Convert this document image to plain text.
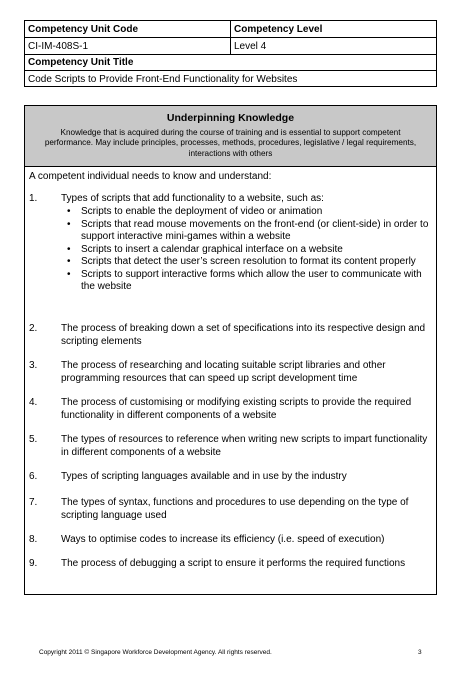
Competency Unit Code	Competency Level
CI-IM-408S-1	Level 4
Competency Unit Title
Code Scripts to Provide Front-End Functionality for Websites
Underpinning Knowledge
Knowledge that is acquired during the course of training and is essential to support competent performance. May include principles, processes, methods, procedures, legislative / legal requirements, interactions with others
A competent individual needs to know and understand:
1.	Types of scripts that add functionality to a website, such as:
• Scripts to enable the deployment of video or animation
• Scripts that read mouse movements on the front-end (or client-side) in order to support interactive mini-games within a website
• Scripts to insert a calendar graphical interface on a website
• Scripts that detect the user’s screen resolution to format its content properly
• Scripts to support interactive forms which allow the user to communicate with the website
2.	The process of breaking down a set of specifications into its respective design and scripting elements
3.	The process of researching and locating suitable script libraries and other programming resources that can speed up script development time
4.	The process of customising or modifying existing scripts to provide the required functionality in different components of a website
5.	The types of resources to reference when writing new scripts to impart functionality in different components of a website
6.	Types of scripting languages available and in use by the industry
7.	The types of syntax, functions and procedures to use depending on the type of scripting language used
8.	Ways to optimise codes to increase its efficiency (i.e. speed of execution)
9.	The process of debugging a script to ensure it performs the required functions
Copyright 2011 © Singapore Workforce Development Agency. All rights reserved.	3
